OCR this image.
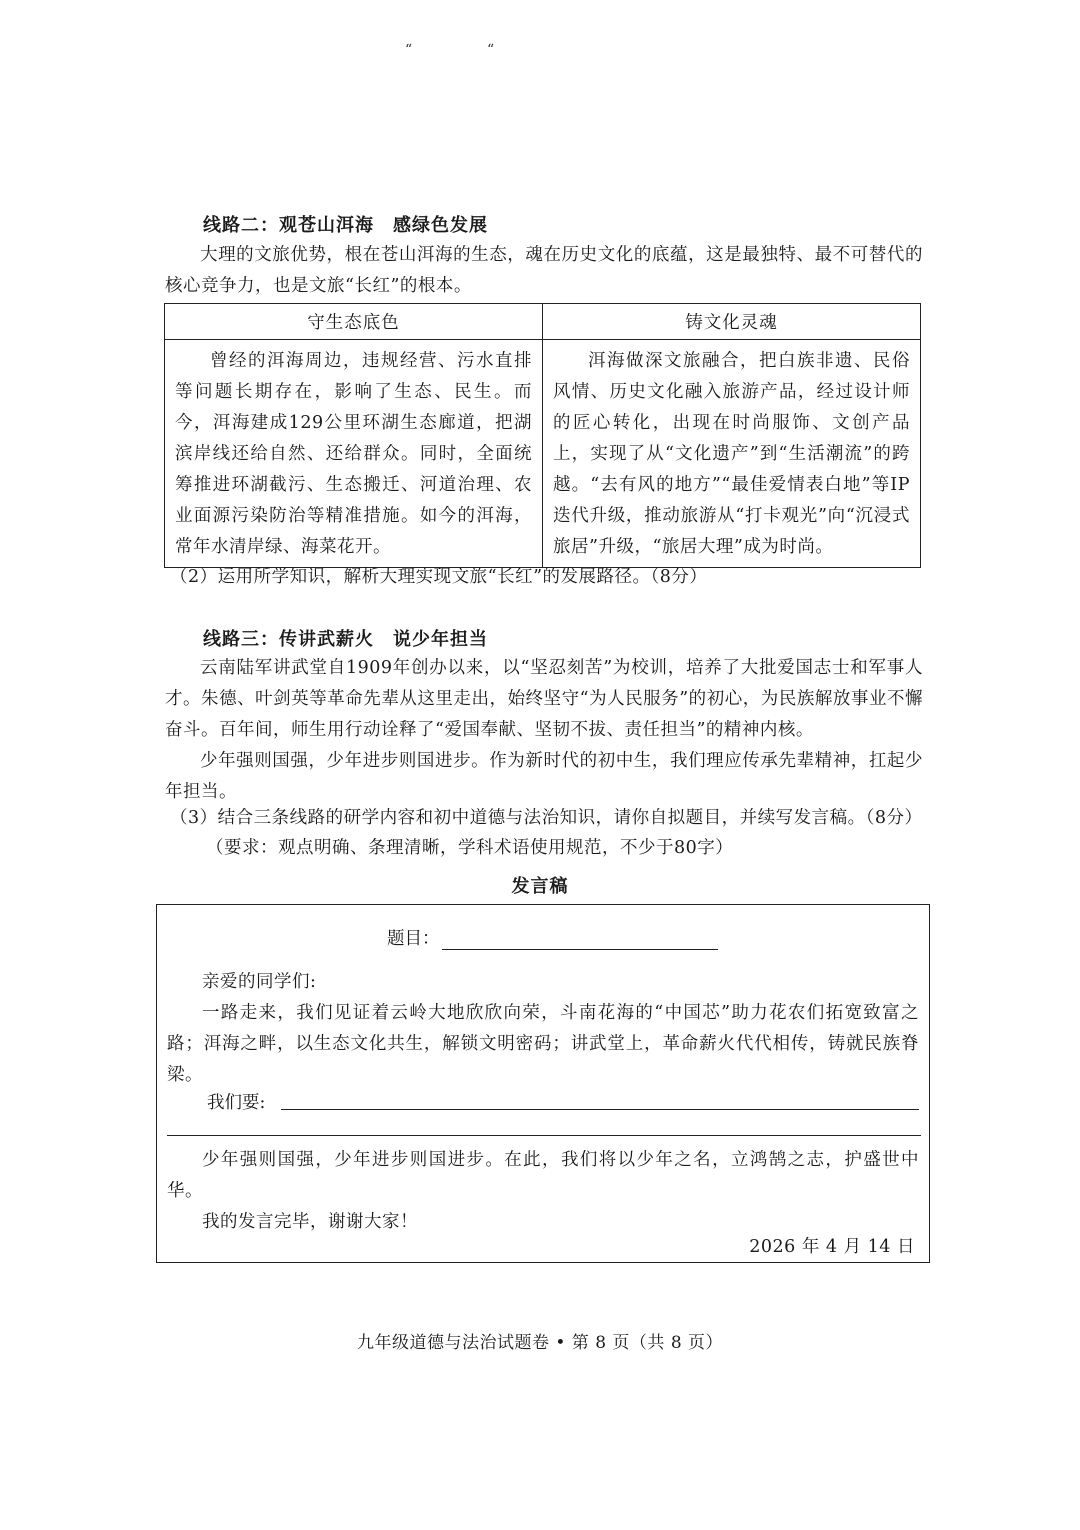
“	“
线路二：观苍山洱海　感绿色发展
大理的文旅优势，根在苍山洱海的生态，魂在历史文化的底蕴，这是最独特、最不可替代的核心竞争力，也是文旅“长红”的根本。
守生态底色	铸文化灵魂
曾经的洱海周边，违规经营、污水直排等问题长期存在，影响了生态、民生。而今，洱海建成129公里环湖生态廊道，把湖滨岸线还给自然、还给群众。同时，全面统筹推进环湖截污、生态搬迁、河道治理、农业面源污染防治等精准措施。如今的洱海，常年水清岸绿、海菜花开。	洱海做深文旅融合，把白族非遗、民俗风情、历史文化融入旅游产品，经过设计师的匠心转化，出现在时尚服饰、文创产品上，实现了从“文化遗产”到“生活潮流”的跨越。“去有风的地方”“最佳爱情表白地”等IP迭代升级，推动旅游从“打卡观光”向“沉浸式旅居”升级，“旅居大理”成为时尚。
（2）运用所学知识，解析大理实现文旅“长红”的发展路径。（8分）
线路三：传讲武薪火　说少年担当
云南陆军讲武堂自1909年创办以来，以“坚忍刻苦”为校训，培养了大批爱国志士和军事人才。朱德、叶剑英等革命先辈从这里走出，始终坚守“为人民服务”的初心，为民族解放事业不懈奋斗。百年间，师生用行动诠释了“爱国奉献、坚韧不拔、责任担当”的精神内核。
少年强则国强，少年进步则国进步。作为新时代的初中生，我们理应传承先辈精神，扛起少年担当。
（3）结合三条线路的研学内容和初中道德与法治知识，请你自拟题目，并续写发言稿。（8分）
（要求：观点明确、条理清晰，学科术语使用规范，不少于80字）
发言稿
题目：
亲爱的同学们:
一路走来，我们见证着云岭大地欣欣向荣，斗南花海的“中国芯”助力花农们拓宽致富之路；洱海之畔，以生态文化共生，解锁文明密码；讲武堂上，革命薪火代代相传，铸就民族脊梁。
我们要:
少年强则国强，少年进步则国进步。在此，我们将以少年之名，立鸿鹄之志，护盛世中华。
我的发言完毕，谢谢大家！
2026 年 4 月 14 日
九年级道德与法治试题卷 • 第 8 页（共 8 页）
